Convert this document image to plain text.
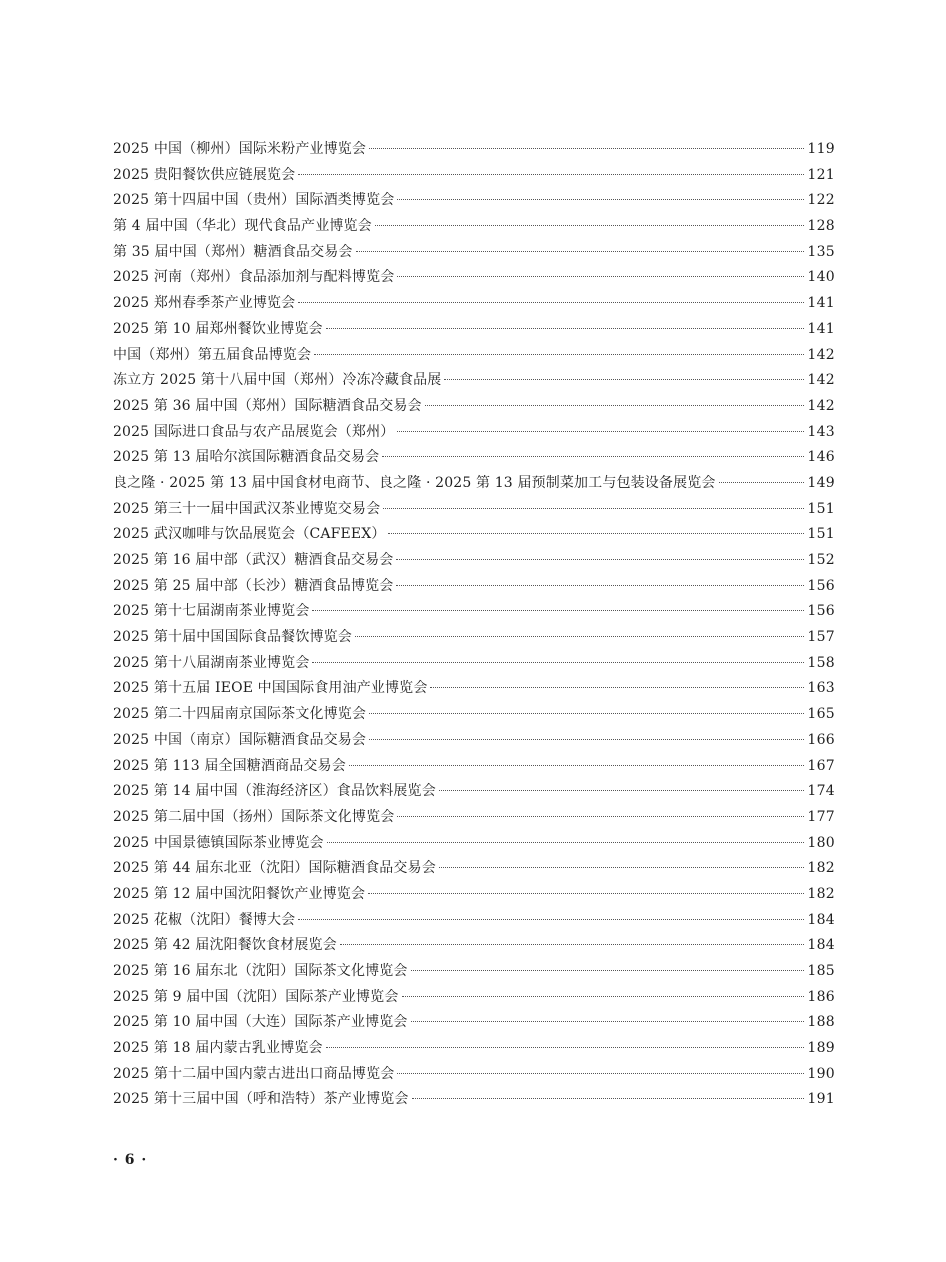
2025 中国（柳州）国际米粉产业博览会	119
2025 贵阳餐饮供应链展览会	121
2025 第十四届中国（贵州）国际酒类博览会	122
第 4 届中国（华北）现代食品产业博览会	128
第 35 届中国（郑州）糖酒食品交易会	135
2025 河南（郑州）食品添加剂与配料博览会	140
2025 郑州春季茶产业博览会	141
2025 第 10 届郑州餐饮业博览会	141
中国（郑州）第五届食品博览会	142
冻立方 2025 第十八届中国（郑州）冷冻冷藏食品展	142
2025 第 36 届中国（郑州）国际糖酒食品交易会	142
2025 国际进口食品与农产品展览会（郑州）	143
2025 第 13 届哈尔滨国际糖酒食品交易会	146
良之隆 · 2025 第 13 届中国食材电商节、良之隆 · 2025 第 13 届预制菜加工与包装设备展览会	149
2025 第三十一届中国武汉茶业博览交易会	151
2025 武汉咖啡与饮品展览会（CAFEEX）	151
2025 第 16 届中部（武汉）糖酒食品交易会	152
2025 第 25 届中部（长沙）糖酒食品博览会	156
2025 第十七届湖南茶业博览会	156
2025 第十届中国国际食品餐饮博览会	157
2025 第十八届湖南茶业博览会	158
2025 第十五届 IEOE 中国国际食用油产业博览会	163
2025 第二十四届南京国际茶文化博览会	165
2025 中国（南京）国际糖酒食品交易会	166
2025 第 113 届全国糖酒商品交易会	167
2025 第 14 届中国（淮海经济区）食品饮料展览会	174
2025 第二届中国（扬州）国际茶文化博览会	177
2025 中国景德镇国际茶业博览会	180
2025 第 44 届东北亚（沈阳）国际糖酒食品交易会	182
2025 第 12 届中国沈阳餐饮产业博览会	182
2025 花椒（沈阳）餐博大会	184
2025 第 42 届沈阳餐饮食材展览会	184
2025 第 16 届东北（沈阳）国际茶文化博览会	185
2025 第 9 届中国（沈阳）国际茶产业博览会	186
2025 第 10 届中国（大连）国际茶产业博览会	188
2025 第 18 届内蒙古乳业博览会	189
2025 第十二届中国内蒙古进出口商品博览会	190
2025 第十三届中国（呼和浩特）茶产业博览会	191
· 6 ·
